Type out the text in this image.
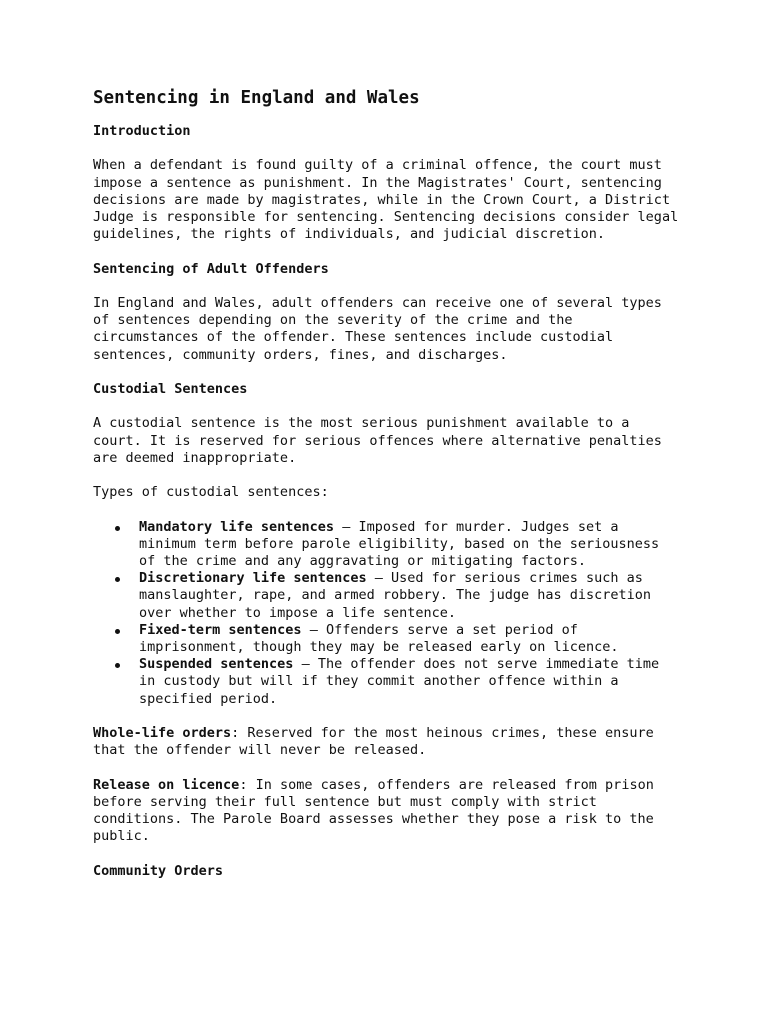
Sentencing in England and Wales
Introduction
When a defendant is found guilty of a criminal offence, the court must impose a sentence as punishment. In the Magistrates' Court, sentencing decisions are made by magistrates, while in the Crown Court, a District Judge is responsible for sentencing. Sentencing decisions consider legal guidelines, the rights of individuals, and judicial discretion.
Sentencing of Adult Offenders
In England and Wales, adult offenders can receive one of several types of sentences depending on the severity of the crime and the circumstances of the offender. These sentences include custodial sentences, community orders, fines, and discharges.
Custodial Sentences
A custodial sentence is the most serious punishment available to a court. It is reserved for serious offences where alternative penalties are deemed inappropriate.
Types of custodial sentences:
Mandatory life sentences – Imposed for murder. Judges set a minimum term before parole eligibility, based on the seriousness of the crime and any aggravating or mitigating factors.
Discretionary life sentences – Used for serious crimes such as manslaughter, rape, and armed robbery. The judge has discretion over whether to impose a life sentence.
Fixed-term sentences – Offenders serve a set period of imprisonment, though they may be released early on licence.
Suspended sentences – The offender does not serve immediate time in custody but will if they commit another offence within a specified period.
Whole-life orders: Reserved for the most heinous crimes, these ensure that the offender will never be released.
Release on licence: In some cases, offenders are released from prison before serving their full sentence but must comply with strict conditions. The Parole Board assesses whether they pose a risk to the public.
Community Orders
